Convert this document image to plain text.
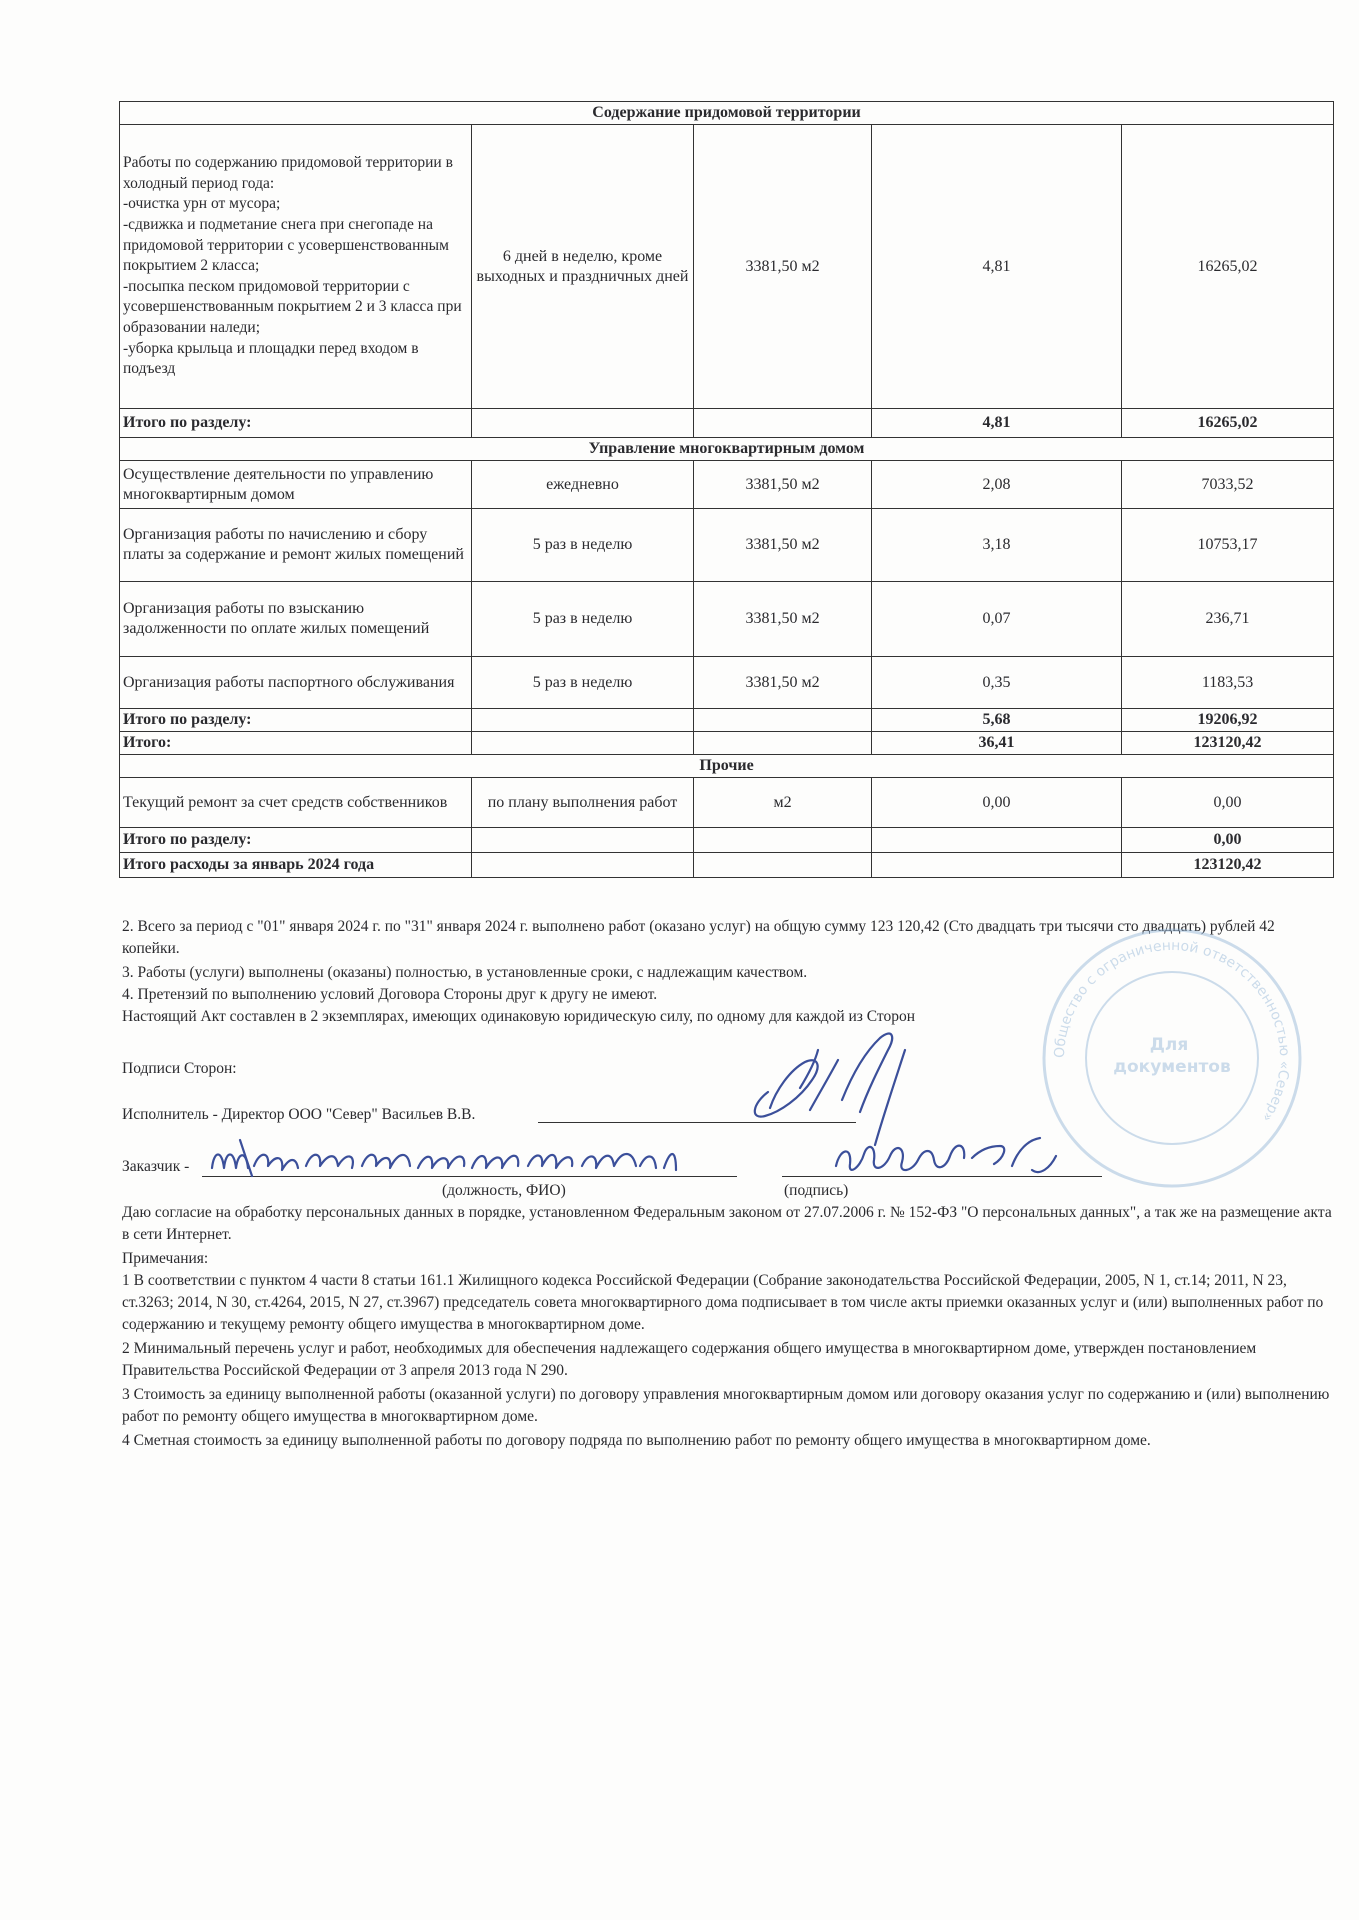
Содержание придомовой территории				
Работы по содержанию придомовой территории в холодный период года:
-очистка урн от мусора;
-сдвижка и подметание снега при снегопаде на придомовой территории с усовершенствованным покрытием 2 класса;
-посыпка песком придомовой территории с усовершенствованным покрытием 2 и 3 класса при образовании наледи;
-уборка крыльца и площадки перед входом в подъезд	6 дней в неделю, кроме выходных и праздничных дней	3381,50 м2	4,81	16265,02
Итого по разделу:			4,81	16265,02
Управление многоквартирным домом				
Осуществление деятельности по управлению многоквартирным домом	ежедневно	3381,50 м2	2,08	7033,52
Организация работы по начислению и сбору платы за содержание и ремонт жилых помещений	5 раз в неделю	3381,50 м2	3,18	10753,17
Организация работы по взысканию задолженности по оплате жилых помещений	5 раз в неделю	3381,50 м2	0,07	236,71
Организация работы паспортного обслуживания	5 раз в неделю	3381,50 м2	0,35	1183,53
Итого по разделу:			5,68	19206,92
Итого:			36,41	123120,42
Прочие				
Текущий ремонт за счет средств собственников	по плану выполнения работ	м2	0,00	0,00
Итого по разделу:				0,00
Итого расходы за январь 2024 года				123120,42
2. Всего за период с "01" января 2024 г. по "31" января 2024 г. выполнено работ (оказано услуг) на общую сумму 123 120,42 (Сто двадцать три тысячи сто двадцать) рублей 42 копейки.
3. Работы (услуги) выполнены (оказаны) полностью, в установленные сроки, с надлежащим качеством.
4. Претензий по выполнению условий Договора Стороны друг к другу не имеют.
Настоящий Акт составлен в 2 экземплярах, имеющих одинаковую юридическую силу, по одному для каждой из Сторон
Подписи Сторон:
Исполнитель - Директор ООО "Север" Васильев В.В.
Заказчик -
(должность, ФИО)	(подпись)
Даю согласие на обработку персональных данных в порядке, установленном Федеральным законом от 27.07.2006 г. № 152-ФЗ "О персональных данных", а так же на размещение акта в сети Интернет.
Примечания:
1 В соответствии с пунктом 4 части 8 статьи 161.1 Жилищного кодекса Российской Федерации (Собрание законодательства Российской Федерации, 2005, N 1, ст.14; 2011, N 23, ст.3263; 2014, N 30, ст.4264, 2015, N 27, ст.3967) председатель совета многоквартирного дома подписывает в том числе акты приемки оказанных услуг и (или) выполненных работ по содержанию и текущему ремонту общего имущества в многоквартирном доме.
2 Минимальный перечень услуг и работ, необходимых для обеспечения надлежащего содержания общего имущества в многоквартирном доме, утвержден постановлением Правительства Российской Федерации от 3 апреля 2013 года N 290.
3 Стоимость за единицу выполненной работы (оказанной услуги) по договору управления многоквартирным домом или договору оказания услуг по содержанию и (или) выполнению работ по ремонту общего имущества в многоквартирном доме.
4 Сметная стоимость за единицу выполненной работы по договору подряда по выполнению работ по ремонту общего имущества в многоквартирном доме.
Общество с ограниченной ответственностью «Север»
Для документов
